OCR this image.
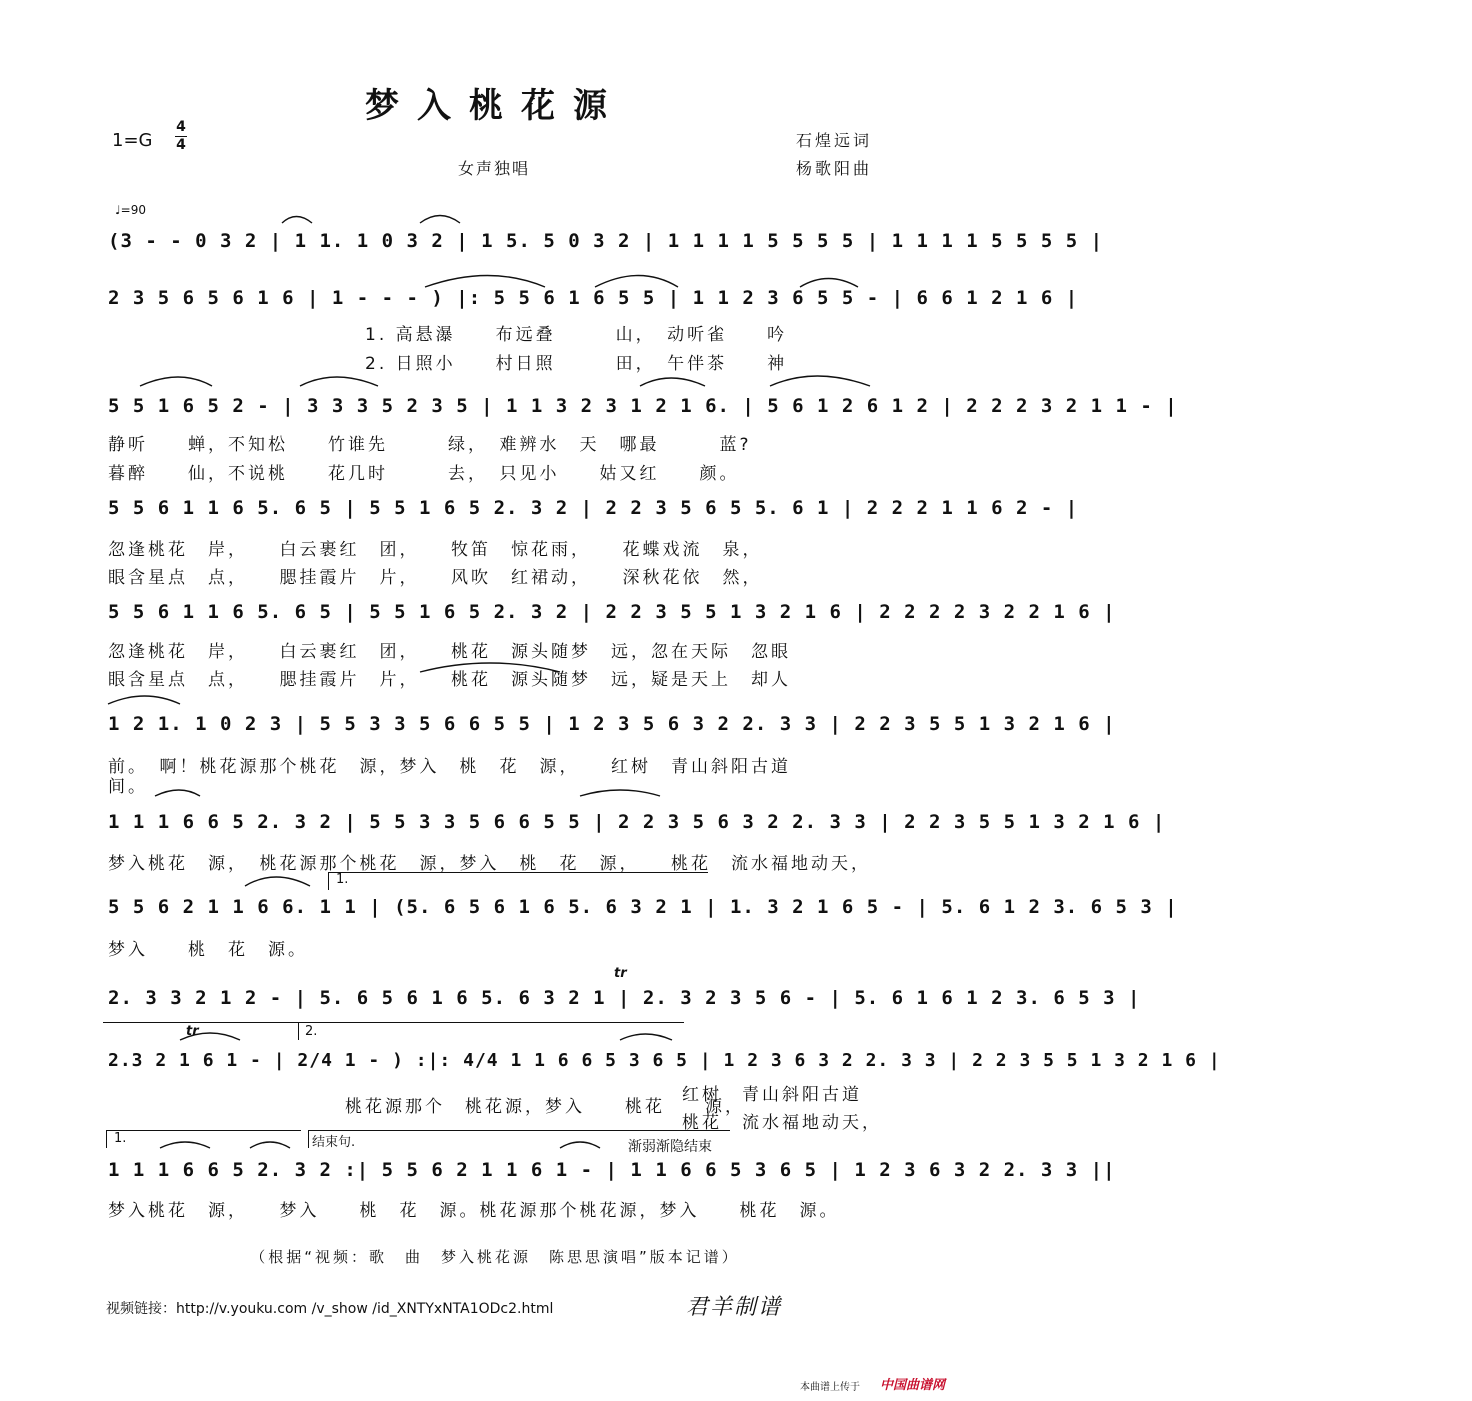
梦入桃花源
1=G
4
4
女声独唱
石煌远词
杨歌阳曲
♩=90
(3 - - 0 3 2 | 1 1. 1 0 3 2 | 1 5. 5 0 3 2 | 1 1 1 1 5 5 5 5 | 1 1 1 1 5 5 5 5 |
2 3 5 6 5 6 1 6 | 1 - - - ) |: 5 5 6 1 6 5 5 | 1 1 2 3 6 5 5 - | 6 6 1 2 1 6 |
1. 高悬瀑　　布远叠　　　山，　动听雀　　吟
2. 日照小　　村日照　　　田，　午伴茶　　神
5 5 1 6 5 2 - | 3 3 3 5 2 3 5 | 1 1 3 2 3 1 2 1 6. | 5 6 1 2 6 1 2 | 2 2 2 3 2 1 1 - |
静听　　蝉，不知松　　竹谁先　　　绿，　难辨水　天　哪最　　　蓝?
暮醉　　仙，不说桃　　花几时　　　去，　只见小　　姑又红　　颜。
5 5 6 1 1 6 5. 6 5 | 5 5 1 6 5 2. 3 2 | 2 2 3 5 6 5 5. 6 1 | 2 2 2 1 1 6 2 - |
忽逢桃花　岸，　　白云裹红　团，　　牧笛　惊花雨，　　花蝶戏流　泉，
眼含星点　点，　　腮挂霞片　片，　　风吹　红裙动，　　深秋花依　然，
5 5 6 1 1 6 5. 6 5 | 5 5 1 6 5 2. 3 2 | 2 2 3 5 5 1 3 2 1 6 | 2 2 2 2 3 2 2 1 6 |
忽逢桃花　岸，　　白云裹红　团，　　桃花　源头随梦　远，忽在天际　忽眼
眼含星点　点，　　腮挂霞片　片，　　桃花　源头随梦　远，疑是天上　却人
1 2 1. 1 0 2 3 | 5 5 3 3 5 6 6 5 5 | 1 2 3 5 6 3 2 2. 3 3 | 2 2 3 5 5 1 3 2 1 6 |
前。　啊！桃花源那个桃花　源，梦入　桃　花　源，　　红树　青山斜阳古道
间。
1 1 1 6 6 5 2. 3 2 | 5 5 3 3 5 6 6 5 5 | 2 2 3 5 6 3 2 2. 3 3 | 2 2 3 5 5 1 3 2 1 6 |
梦入桃花　源，　桃花源那个桃花　源，梦入　桃　花　源，　　桃花　流水福地动天，
1.
5 5 6 2 1 1 6 6. 1 1 | (5. 6 5 6 1 6 5. 6 3 2 1 | 1. 3 2 1 6 5 - | 5. 6 1 2 3. 6 5 3 |
梦入　　桃　花　源。
tr
2. 3 3 2 1 2 - | 5. 6 5 6 1 6 5. 6 3 2 1 | 2. 3 2 3 5 6 - | 5. 6 1 6 1 2 3. 6 5 3 |
2.
tr
2.3 2 1 6 1 - | 2/4 1 - ) :|: 4/4 1 1 6 6 5 3 6 5 | 1 2 3 6 3 2 2. 3 3 | 2 2 3 5 5 1 3 2 1 6 |
桃花源那个　桃花源，梦入　　桃花　　源，
红树　青山斜阳古道
桃花　流水福地动天，
1.	结束句.	渐弱渐隐结束
1 1 1 6 6 5 2. 3 2 :| 5 5 6 2 1 1 6 1 - | 1 1 6 6 5 3 6 5 | 1 2 3 6 3 2 2. 3 3 ||
梦入桃花　源，　　梦入　　桃　花　源。桃花源那个桃花源，梦入　　桃花　源。
（根据“视频：歌　曲　梦入桃花源　陈思思演唱”版本记谱）
视频链接：http://v.youku.com /v_show /id_XNTYxNTA1ODc2.html	君羊制谱
本曲谱上传于 中国曲谱网
